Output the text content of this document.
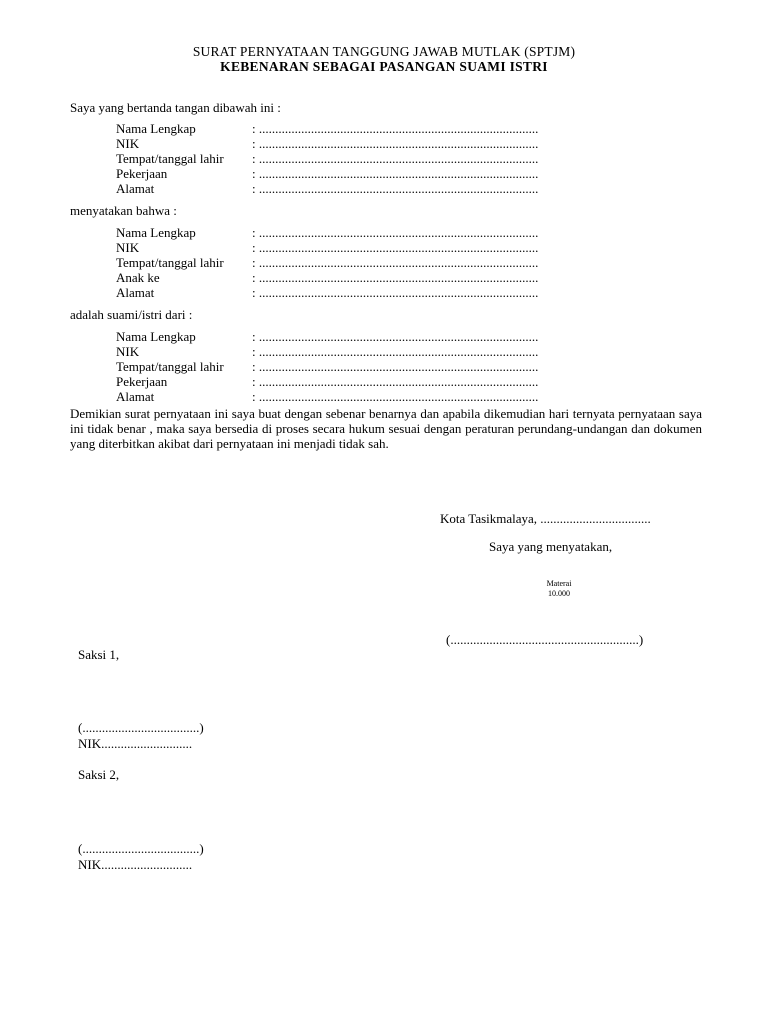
SURAT PERNYATAAN TANGGUNG JAWAB MUTLAK (SPTJM)
KEBENARAN SEBAGAI PASANGAN SUAMI ISTRI
Saya yang bertanda tangan dibawah ini :
Nama Lengkap	: ......................................................................................
NIK	: ......................................................................................
Tempat/tanggal lahir : ......................................................................................
Pekerjaan	: ......................................................................................
Alamat	: ......................................................................................
menyatakan bahwa :
Nama Lengkap	: ......................................................................................
NIK	: ......................................................................................
Tempat/tanggal lahir : ......................................................................................
Anak ke	: ......................................................................................
Alamat	: ......................................................................................
adalah suami/istri dari :
Nama Lengkap	: ......................................................................................
NIK	: ......................................................................................
Tempat/tanggal lahir : ......................................................................................
Pekerjaan	: ......................................................................................
Alamat	: ......................................................................................
Demikian surat pernyataan ini saya buat dengan sebenar benarnya dan apabila dikemudian hari ternyata pernyataan saya ini tidak benar , maka saya bersedia di proses secara hukum sesuai dengan peraturan perundang-undangan dan dokumen yang diterbitkan akibat dari pernyataan ini menjadi tidak sah.
Kota Tasikmalaya, ..................................
Saya yang menyatakan,
Materai
10.000
(..........................................................)
Saksi 1,
(....................................)
NIK............................
Saksi 2,
(....................................)
NIK............................
